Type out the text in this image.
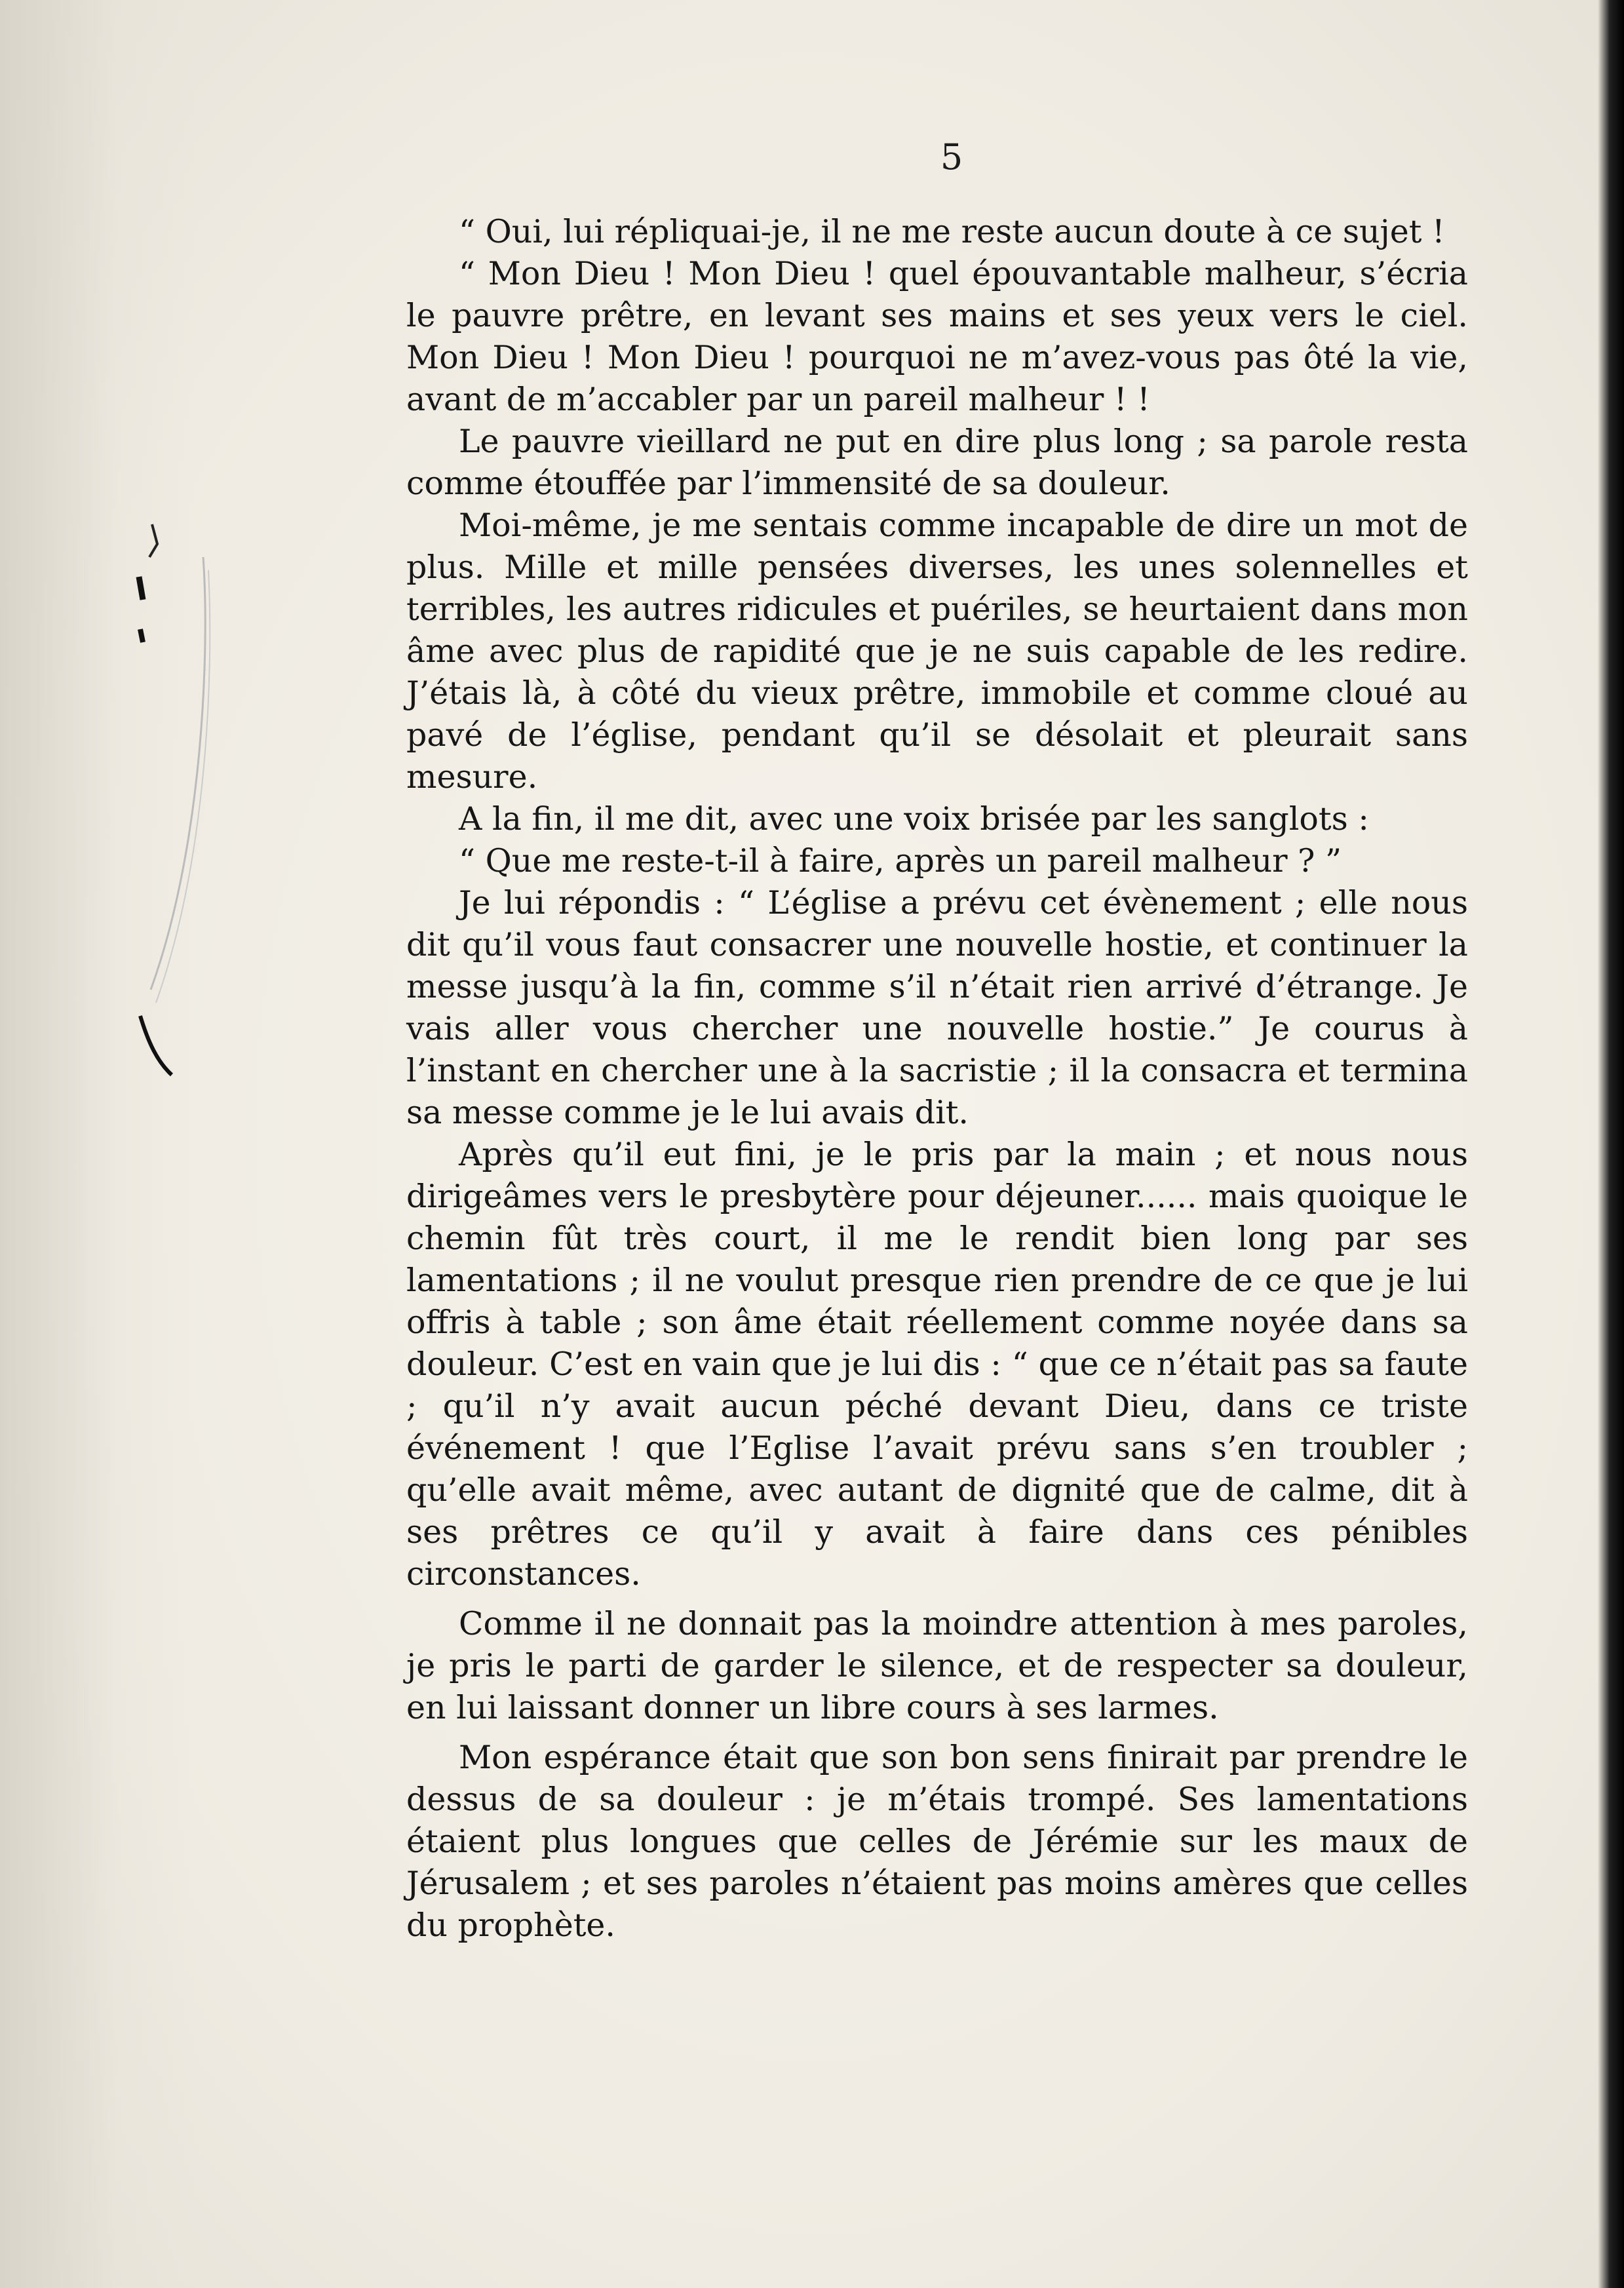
5

“ Oui, lui répliquai-je, il ne me reste aucun doute à ce sujet !

“ Mon Dieu ! Mon Dieu ! quel épouvantable malheur, s’écria le pauvre prêtre, en levant ses mains et ses yeux vers le ciel. Mon Dieu ! Mon Dieu ! pourquoi ne m’avez-vous pas ôté la vie, avant de m’accabler par un pareil malheur ! !

Le pauvre vieillard ne put en dire plus long ; sa parole resta comme étouffée par l’immensité de sa douleur.

Moi-même, je me sentais comme incapable de dire un mot de plus. Mille et mille pensées diverses, les unes solennelles et terribles, les autres ridicules et puériles, se heurtaient dans mon âme avec plus de rapidité que je ne suis capable de les redire. J’étais là, à côté du vieux prêtre, immobile et comme cloué au pavé de l’église, pendant qu’il se désolait et pleurait sans mesure.

A la fin, il me dit, avec une voix brisée par les sanglots :

“ Que me reste-t-il à faire, après un pareil malheur ? ”

Je lui répondis : “ L’église a prévu cet évènement ; elle nous dit qu’il vous faut consacrer une nouvelle hostie, et continuer la messe jusqu’à la fin, comme s’il n’était rien arrivé d’étrange. Je vais aller vous chercher une nouvelle hostie.” Je courus à l’instant en chercher une à la sacristie ; il la consacra et termina sa messe comme je le lui avais dit.

Après qu’il eut fini, je le pris par la main ; et nous nous dirigeâmes vers le presbytère pour déjeuner...... mais quoique le chemin fût très court, il me le rendit bien long par ses lamentations ; il ne voulut presque rien prendre de ce que je lui offris à table ; son âme était réellement comme noyée dans sa douleur. C’est en vain que je lui dis : “ que ce n’était pas sa faute ; qu’il n’y avait aucun péché devant Dieu, dans ce triste événement ! que l’Eglise l’avait prévu sans s’en troubler ; qu’elle avait même, avec autant de dignité que de calme, dit à ses prêtres ce qu’il y avait à faire dans ces pénibles circonstances.

Comme il ne donnait pas la moindre attention à mes paroles, je pris le parti de garder le silence, et de respecter sa douleur, en lui laissant donner un libre cours à ses larmes.

Mon espérance était que son bon sens finirait par prendre le dessus de sa douleur : je m’étais trompé. Ses lamentations étaient plus longues que celles de Jérémie sur les maux de Jérusalem ; et ses paroles n’étaient pas moins amères que celles du prophète.
